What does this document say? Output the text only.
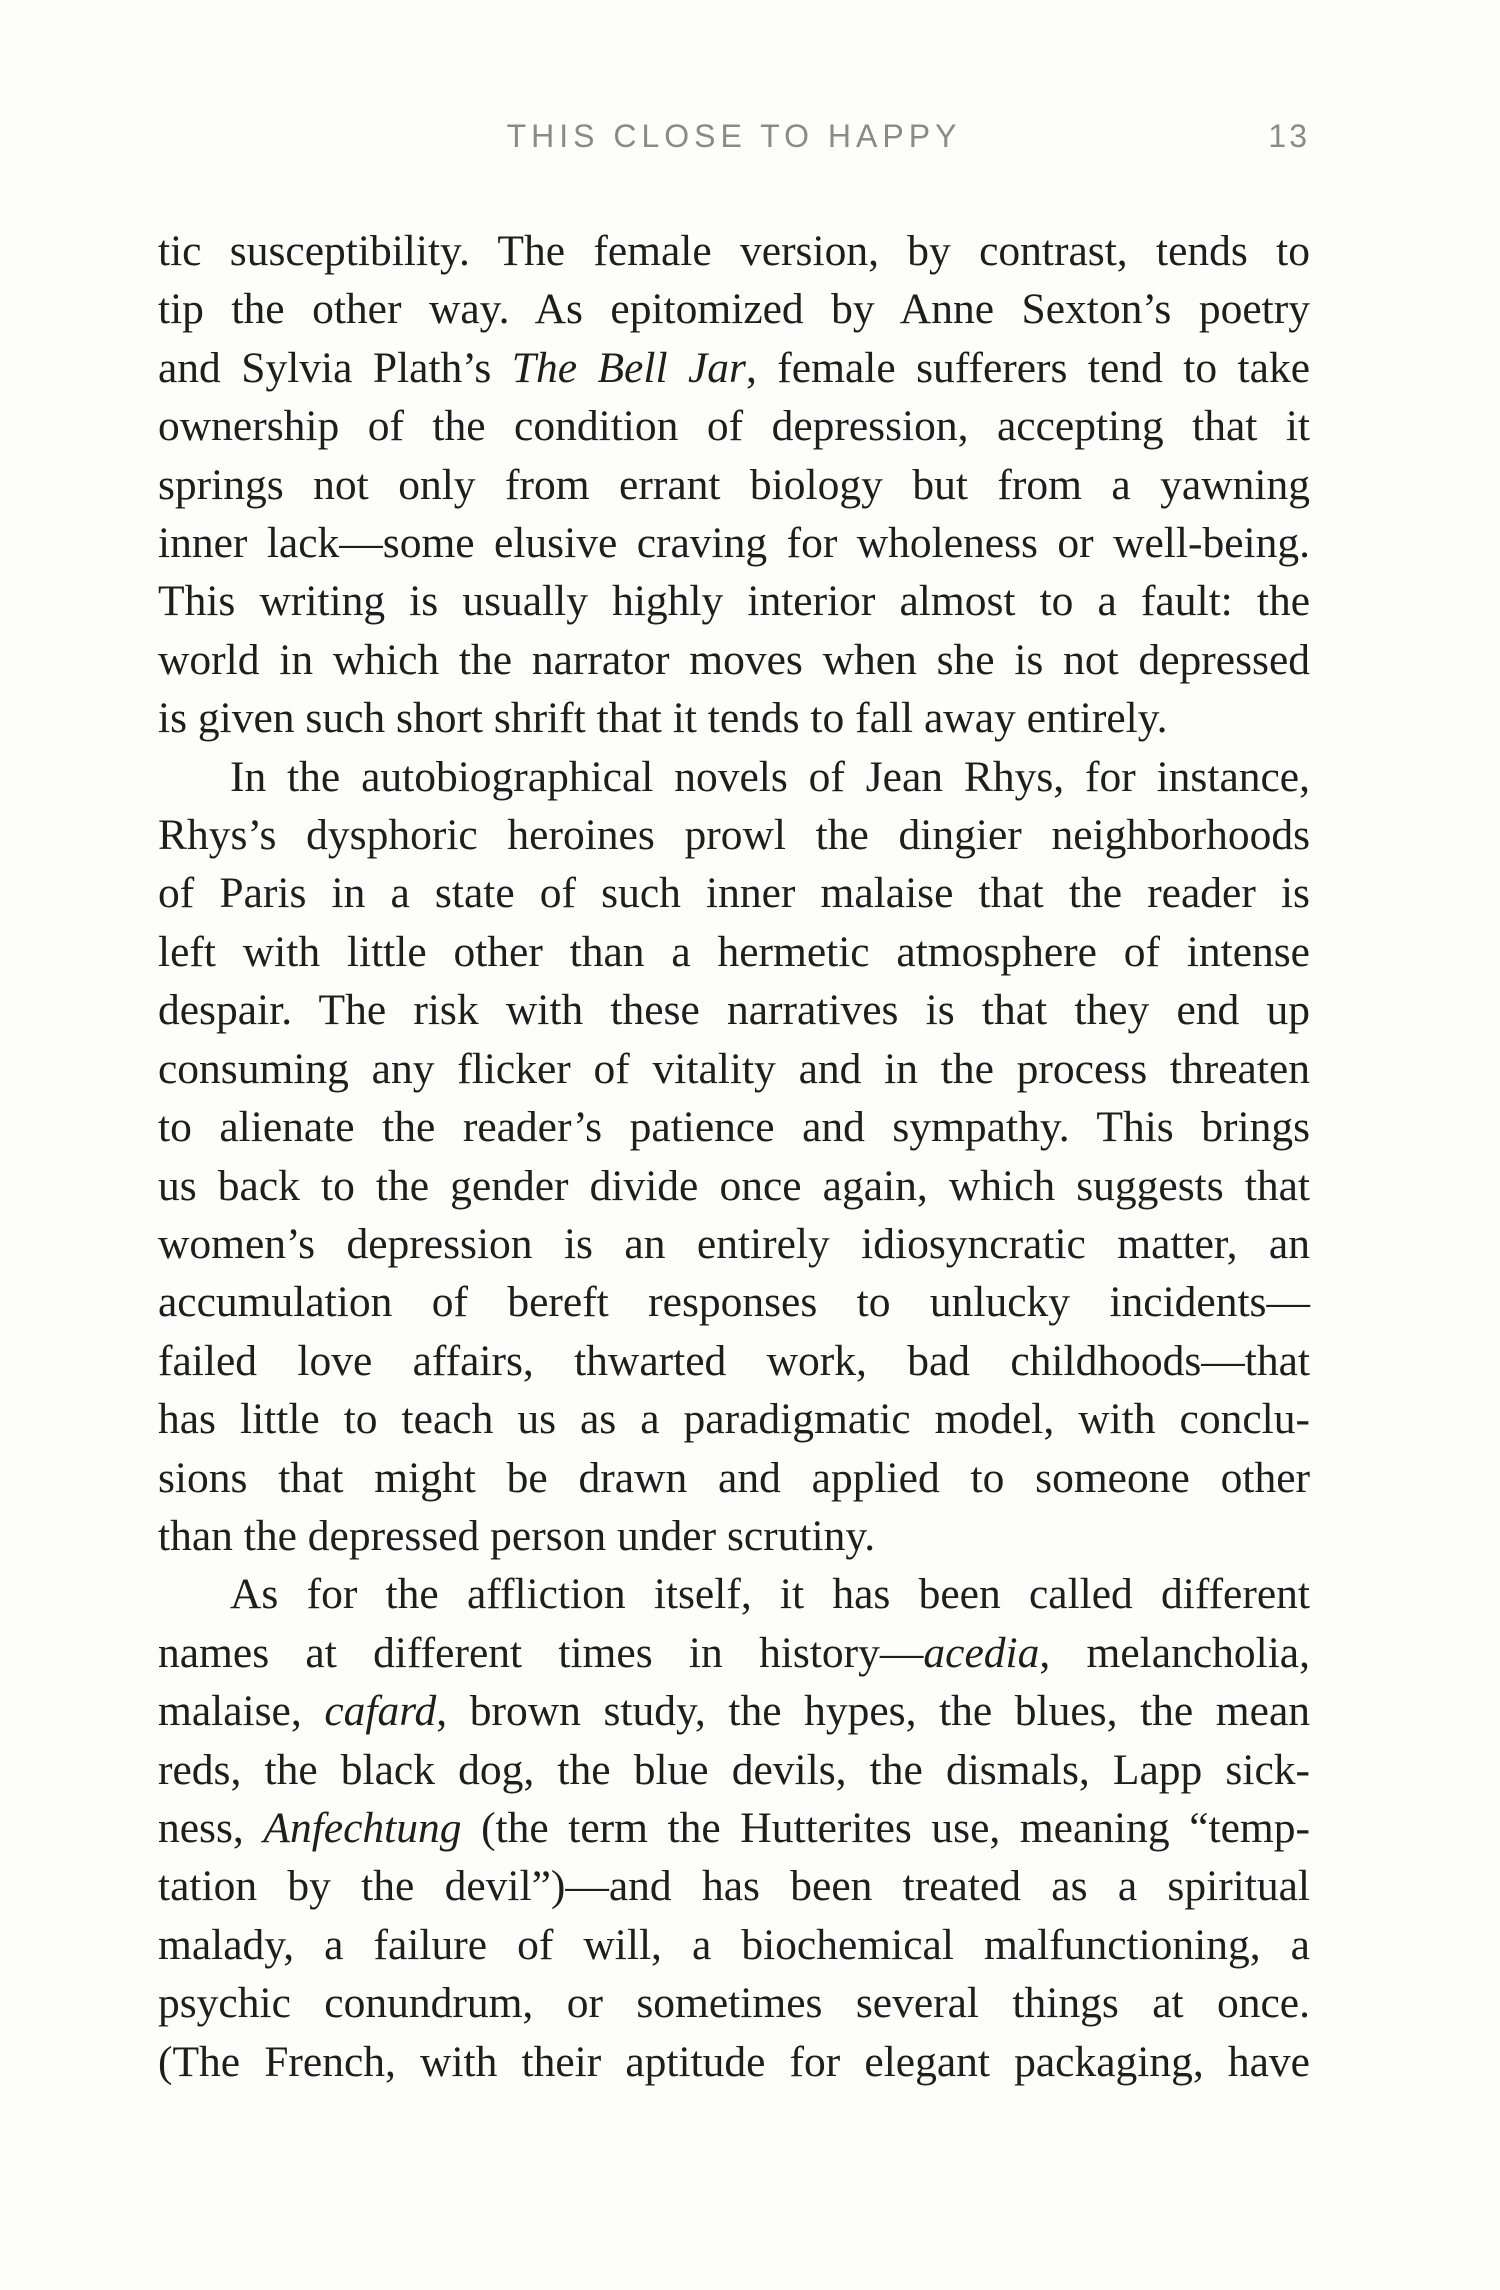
THIS CLOSE TO HAPPY	13
tic susceptibility. The female version, by contrast, tends to
tip the other way. As epitomized by Anne Sexton’s poetry
and Sylvia Plath’s The Bell Jar, female sufferers tend to take
ownership of the condition of depression, accepting that it
springs not only from errant biology but from a yawning
inner lack—some elusive craving for wholeness or well-being.
This writing is usually highly interior almost to a fault: the
world in which the narrator moves when she is not depressed
is given such short shrift that it tends to fall away entirely.
In the autobiographical novels of Jean Rhys, for instance,
Rhys’s dysphoric heroines prowl the dingier neighborhoods
of Paris in a state of such inner malaise that the reader is
left with little other than a hermetic atmosphere of intense
despair. The risk with these narratives is that they end up
consuming any flicker of vitality and in the process threaten
to alienate the reader’s patience and sympathy. This brings
us back to the gender divide once again, which suggests that
women’s depression is an entirely idiosyncratic matter, an
accumulation of bereft responses to unlucky incidents—
failed love affairs, thwarted work, bad childhoods—that
has little to teach us as a paradigmatic model, with conclu-
sions that might be drawn and applied to someone other
than the depressed person under scrutiny.
As for the affliction itself, it has been called different
names at different times in history—acedia, melancholia,
malaise, cafard, brown study, the hypes, the blues, the mean
reds, the black dog, the blue devils, the dismals, Lapp sick-
ness, Anfechtung (the term the Hutterites use, meaning “temp-
tation by the devil”)—and has been treated as a spiritual
malady, a failure of will, a biochemical malfunctioning, a
psychic conundrum, or sometimes several things at once.
(The French, with their aptitude for elegant packaging, have
